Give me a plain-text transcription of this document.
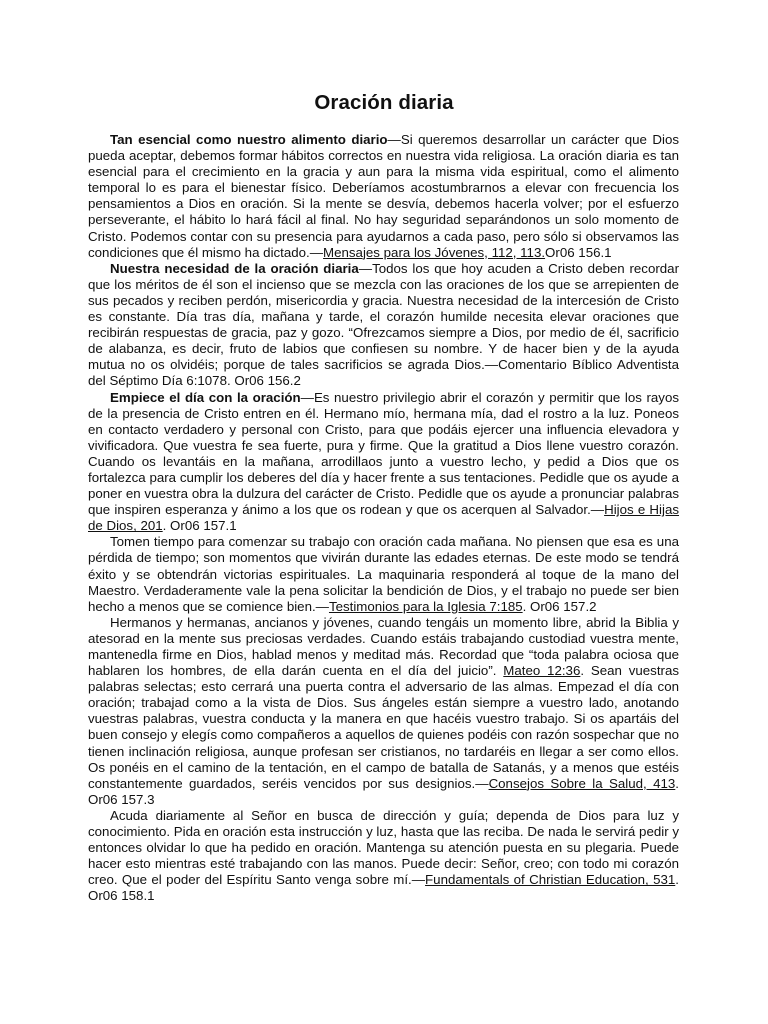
Oración diaria

Tan esencial como nuestro alimento diario—Si queremos desarrollar un carácter que Dios pueda aceptar, debemos formar hábitos correctos en nuestra vida religiosa. La oración diaria es tan esencial para el crecimiento en la gracia y aun para la misma vida espiritual, como el alimento temporal lo es para el bienestar físico. Deberíamos acostumbrarnos a elevar con frecuencia los pensamientos a Dios en oración. Si la mente se desvía, debemos hacerla volver; por el esfuerzo perseverante, el hábito lo hará fácil al final. No hay seguridad separándonos un solo momento de Cristo. Podemos contar con su presencia para ayudarnos a cada paso, pero sólo si observamos las condiciones que él mismo ha dictado.—Mensajes para los Jóvenes, 112, 113.Or06 156.1

Nuestra necesidad de la oración diaria—Todos los que hoy acuden a Cristo deben recordar que los méritos de él son el incienso que se mezcla con las oraciones de los que se arrepienten de sus pecados y reciben perdón, misericordia y gracia. Nuestra necesidad de la intercesión de Cristo es constante. Día tras día, mañana y tarde, el corazón humilde necesita elevar oraciones que recibirán respuestas de gracia, paz y gozo. “Ofrezcamos siempre a Dios, por medio de él, sacrificio de alabanza, es decir, fruto de labios que confiesen su nombre. Y de hacer bien y de la ayuda mutua no os olvidéis; porque de tales sacrificios se agrada Dios.—Comentario Bíblico Adventista del Séptimo Día 6:1078. Or06 156.2

Empiece el día con la oración—Es nuestro privilegio abrir el corazón y permitir que los rayos de la presencia de Cristo entren en él. Hermano mío, hermana mía, dad el rostro a la luz. Poneos en contacto verdadero y personal con Cristo, para que podáis ejercer una influencia elevadora y vivificadora. Que vuestra fe sea fuerte, pura y firme. Que la gratitud a Dios llene vuestro corazón. Cuando os levantáis en la mañana, arrodillaos junto a vuestro lecho, y pedid a Dios que os fortalezca para cumplir los deberes del día y hacer frente a sus tentaciones. Pedidle que os ayude a poner en vuestra obra la dulzura del carácter de Cristo. Pedidle que os ayude a pronunciar palabras que inspiren esperanza y ánimo a los que os rodean y que os acerquen al Salvador.—Hijos e Hijas de Dios, 201. Or06 157.1

Tomen tiempo para comenzar su trabajo con oración cada mañana. No piensen que esa es una pérdida de tiempo; son momentos que vivirán durante las edades eternas. De este modo se tendrá éxito y se obtendrán victorias espirituales. La maquinaria responderá al toque de la mano del Maestro. Verdaderamente vale la pena solicitar la bendición de Dios, y el trabajo no puede ser bien hecho a menos que se comience bien.—Testimonios para la Iglesia 7:185. Or06 157.2

Hermanos y hermanas, ancianos y jóvenes, cuando tengáis un momento libre, abrid la Biblia y atesorad en la mente sus preciosas verdades. Cuando estáis trabajando custodiad vuestra mente, mantenedla firme en Dios, hablad menos y meditad más. Recordad que “toda palabra ociosa que hablaren los hombres, de ella darán cuenta en el día del juicio”. Mateo 12:36. Sean vuestras palabras selectas; esto cerrará una puerta contra el adversario de las almas. Empezad el día con oración; trabajad como a la vista de Dios. Sus ángeles están siempre a vuestro lado, anotando vuestras palabras, vuestra conducta y la manera en que hacéis vuestro trabajo. Si os apartáis del buen consejo y elegís como compañeros a aquellos de quienes podéis con razón sospechar que no tienen inclinación religiosa, aunque profesan ser cristianos, no tardaréis en llegar a ser como ellos. Os ponéis en el camino de la tentación, en el campo de batalla de Satanás, y a menos que estéis constantemente guardados, seréis vencidos por sus designios.—Consejos Sobre la Salud, 413. Or06 157.3

Acuda diariamente al Señor en busca de dirección y guía; dependa de Dios para luz y conocimiento. Pida en oración esta instrucción y luz, hasta que las reciba. De nada le servirá pedir y entonces olvidar lo que ha pedido en oración. Mantenga su atención puesta en su plegaria. Puede hacer esto mientras esté trabajando con las manos. Puede decir: Señor, creo; con todo mi corazón creo. Que el poder del Espíritu Santo venga sobre mí.—Fundamentals of Christian Education, 531. Or06 158.1
